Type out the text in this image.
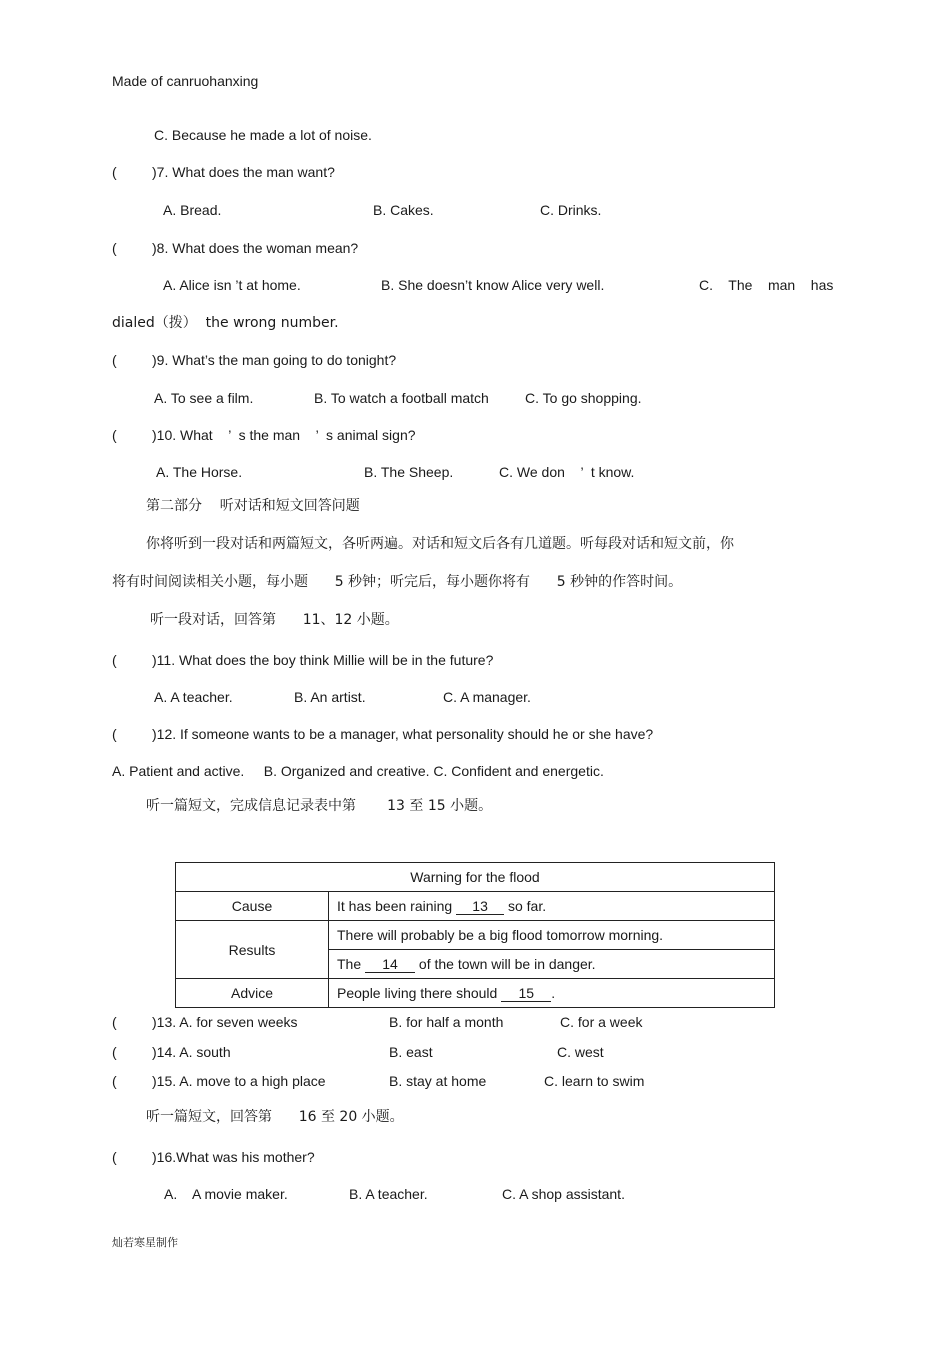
Made of canruohanxing
C. Because he made a lot of noise.
(	)7. What does the man want?
A. Bread.	B. Cakes.	C. Drinks.
(	)8. What does the woman mean?
A. Alice isn ’t at home.	B. She doesn’t know Alice very well.	C.    The    man    has
dialed（拨）  the wrong number.
(	)9. What’s the man going to do tonight?
A. To see a film.	B. To watch a football match	C. To go shopping.
(	)10. What    ’  s the man    ’  s animal sign?
A. The Horse.	B. The Sheep.	C. We don    ’  t know.
第二部分    听对话和短文回答问题
你将听到一段对话和两篇短文，各听两遍。对话和短文后各有几道题。听每段对话和短文前，你
将有时间阅读相关小题，每小题      5 秒钟；听完后，每小题你将有      5 秒钟的作答时间。
听一段对话，回答第      11、12 小题。
(	)11. What does the boy think Millie will be in the future?
A. A teacher.	B. An artist.	C. A manager.
(	)12. If someone wants to be a manager, what personality should he or she have?
A. Patient and active.     B. Organized and creative. C. Confident and energetic.
听一篇短文，完成信息记录表中第       13 至 15 小题。
Warning for the flood	
Cause	It has been raining 13 so far.
Results	There will probably be a big flood tomorrow morning.
	The 14 of the town will be in danger.
Advice	People living there should 15 .
(	)13. A. for seven weeks	B. for half a month	C. for a week
(	)14. A. south	B. east	C. west
(	)15. A. move to a high place	B. stay at home	C. learn to swim
听一篇短文，回答第      16 至 20 小题。
(	)16.What was his mother?
A.    A movie maker.	B. A teacher.	C. A shop assistant.
灿若寒星制作
